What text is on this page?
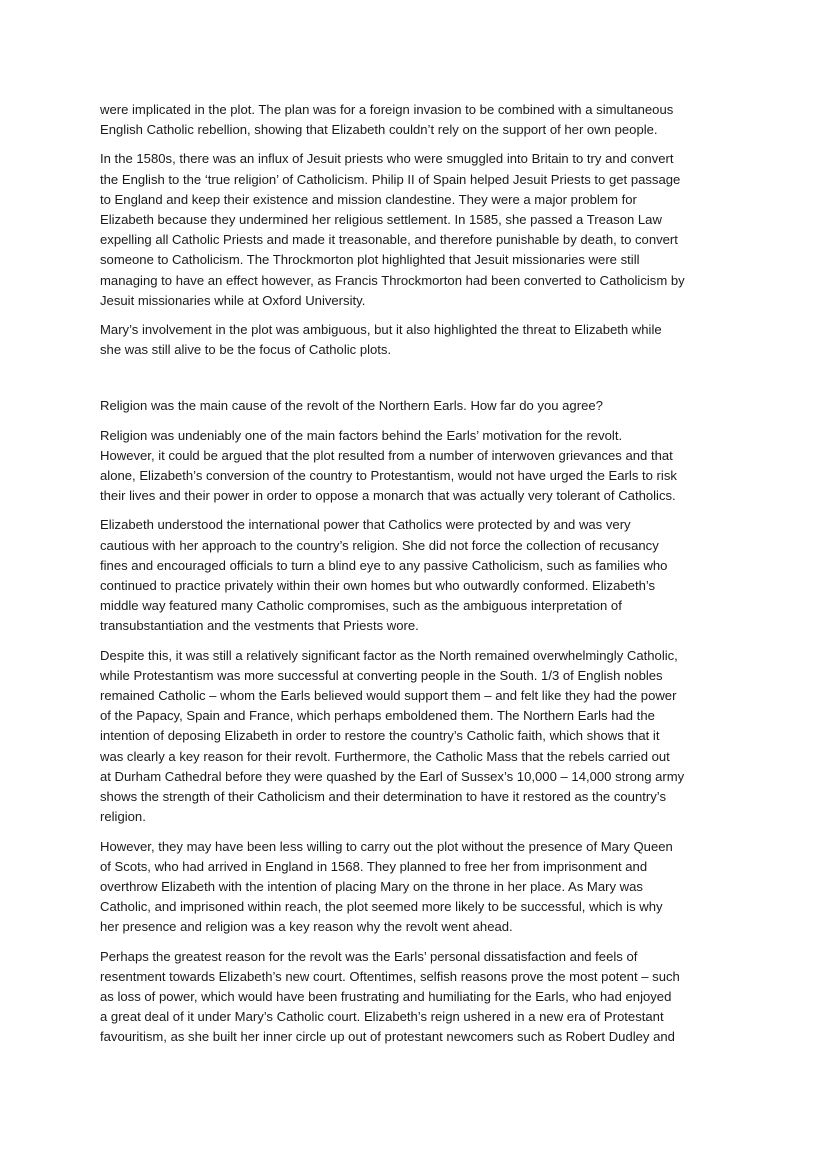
were implicated in the plot. The plan was for a foreign invasion to be combined with a simultaneous
English Catholic rebellion, showing that Elizabeth couldn’t rely on the support of her own people.

In the 1580s, there was an influx of Jesuit priests who were smuggled into Britain to try and convert
the English to the ‘true religion’ of Catholicism. Philip II of Spain helped Jesuit Priests to get passage
to England and keep their existence and mission clandestine. They were a major problem for
Elizabeth because they undermined her religious settlement. In 1585, she passed a Treason Law
expelling all Catholic Priests and made it treasonable, and therefore punishable by death, to convert
someone to Catholicism. The Throckmorton plot highlighted that Jesuit missionaries were still
managing to have an effect however, as Francis Throckmorton had been converted to Catholicism by
Jesuit missionaries while at Oxford University.

Mary’s involvement in the plot was ambiguous, but it also highlighted the threat to Elizabeth while
she was still alive to be the focus of Catholic plots.

Religion was the main cause of the revolt of the Northern Earls. How far do you agree?

Religion was undeniably one of the main factors behind the Earls’ motivation for the revolt.
However, it could be argued that the plot resulted from a number of interwoven grievances and that
alone, Elizabeth’s conversion of the country to Protestantism, would not have urged the Earls to risk
their lives and their power in order to oppose a monarch that was actually very tolerant of Catholics.

Elizabeth understood the international power that Catholics were protected by and was very
cautious with her approach to the country’s religion. She did not force the collection of recusancy
fines and encouraged officials to turn a blind eye to any passive Catholicism, such as families who
continued to practice privately within their own homes but who outwardly conformed. Elizabeth’s
middle way featured many Catholic compromises, such as the ambiguous interpretation of
transubstantiation and the vestments that Priests wore.

Despite this, it was still a relatively significant factor as the North remained overwhelmingly Catholic,
while Protestantism was more successful at converting people in the South. 1/3 of English nobles
remained Catholic – whom the Earls believed would support them – and felt like they had the power
of the Papacy, Spain and France, which perhaps emboldened them. The Northern Earls had the
intention of deposing Elizabeth in order to restore the country’s Catholic faith, which shows that it
was clearly a key reason for their revolt. Furthermore, the Catholic Mass that the rebels carried out
at Durham Cathedral before they were quashed by the Earl of Sussex’s 10,000 – 14,000 strong army
shows the strength of their Catholicism and their determination to have it restored as the country’s
religion.

However, they may have been less willing to carry out the plot without the presence of Mary Queen
of Scots, who had arrived in England in 1568. They planned to free her from imprisonment and
overthrow Elizabeth with the intention of placing Mary on the throne in her place. As Mary was
Catholic, and imprisoned within reach, the plot seemed more likely to be successful, which is why
her presence and religion was a key reason why the revolt went ahead.

Perhaps the greatest reason for the revolt was the Earls’ personal dissatisfaction and feels of
resentment towards Elizabeth’s new court. Oftentimes, selfish reasons prove the most potent – such
as loss of power, which would have been frustrating and humiliating for the Earls, who had enjoyed
a great deal of it under Mary’s Catholic court. Elizabeth’s reign ushered in a new era of Protestant
favouritism, as she built her inner circle up out of protestant newcomers such as Robert Dudley and
